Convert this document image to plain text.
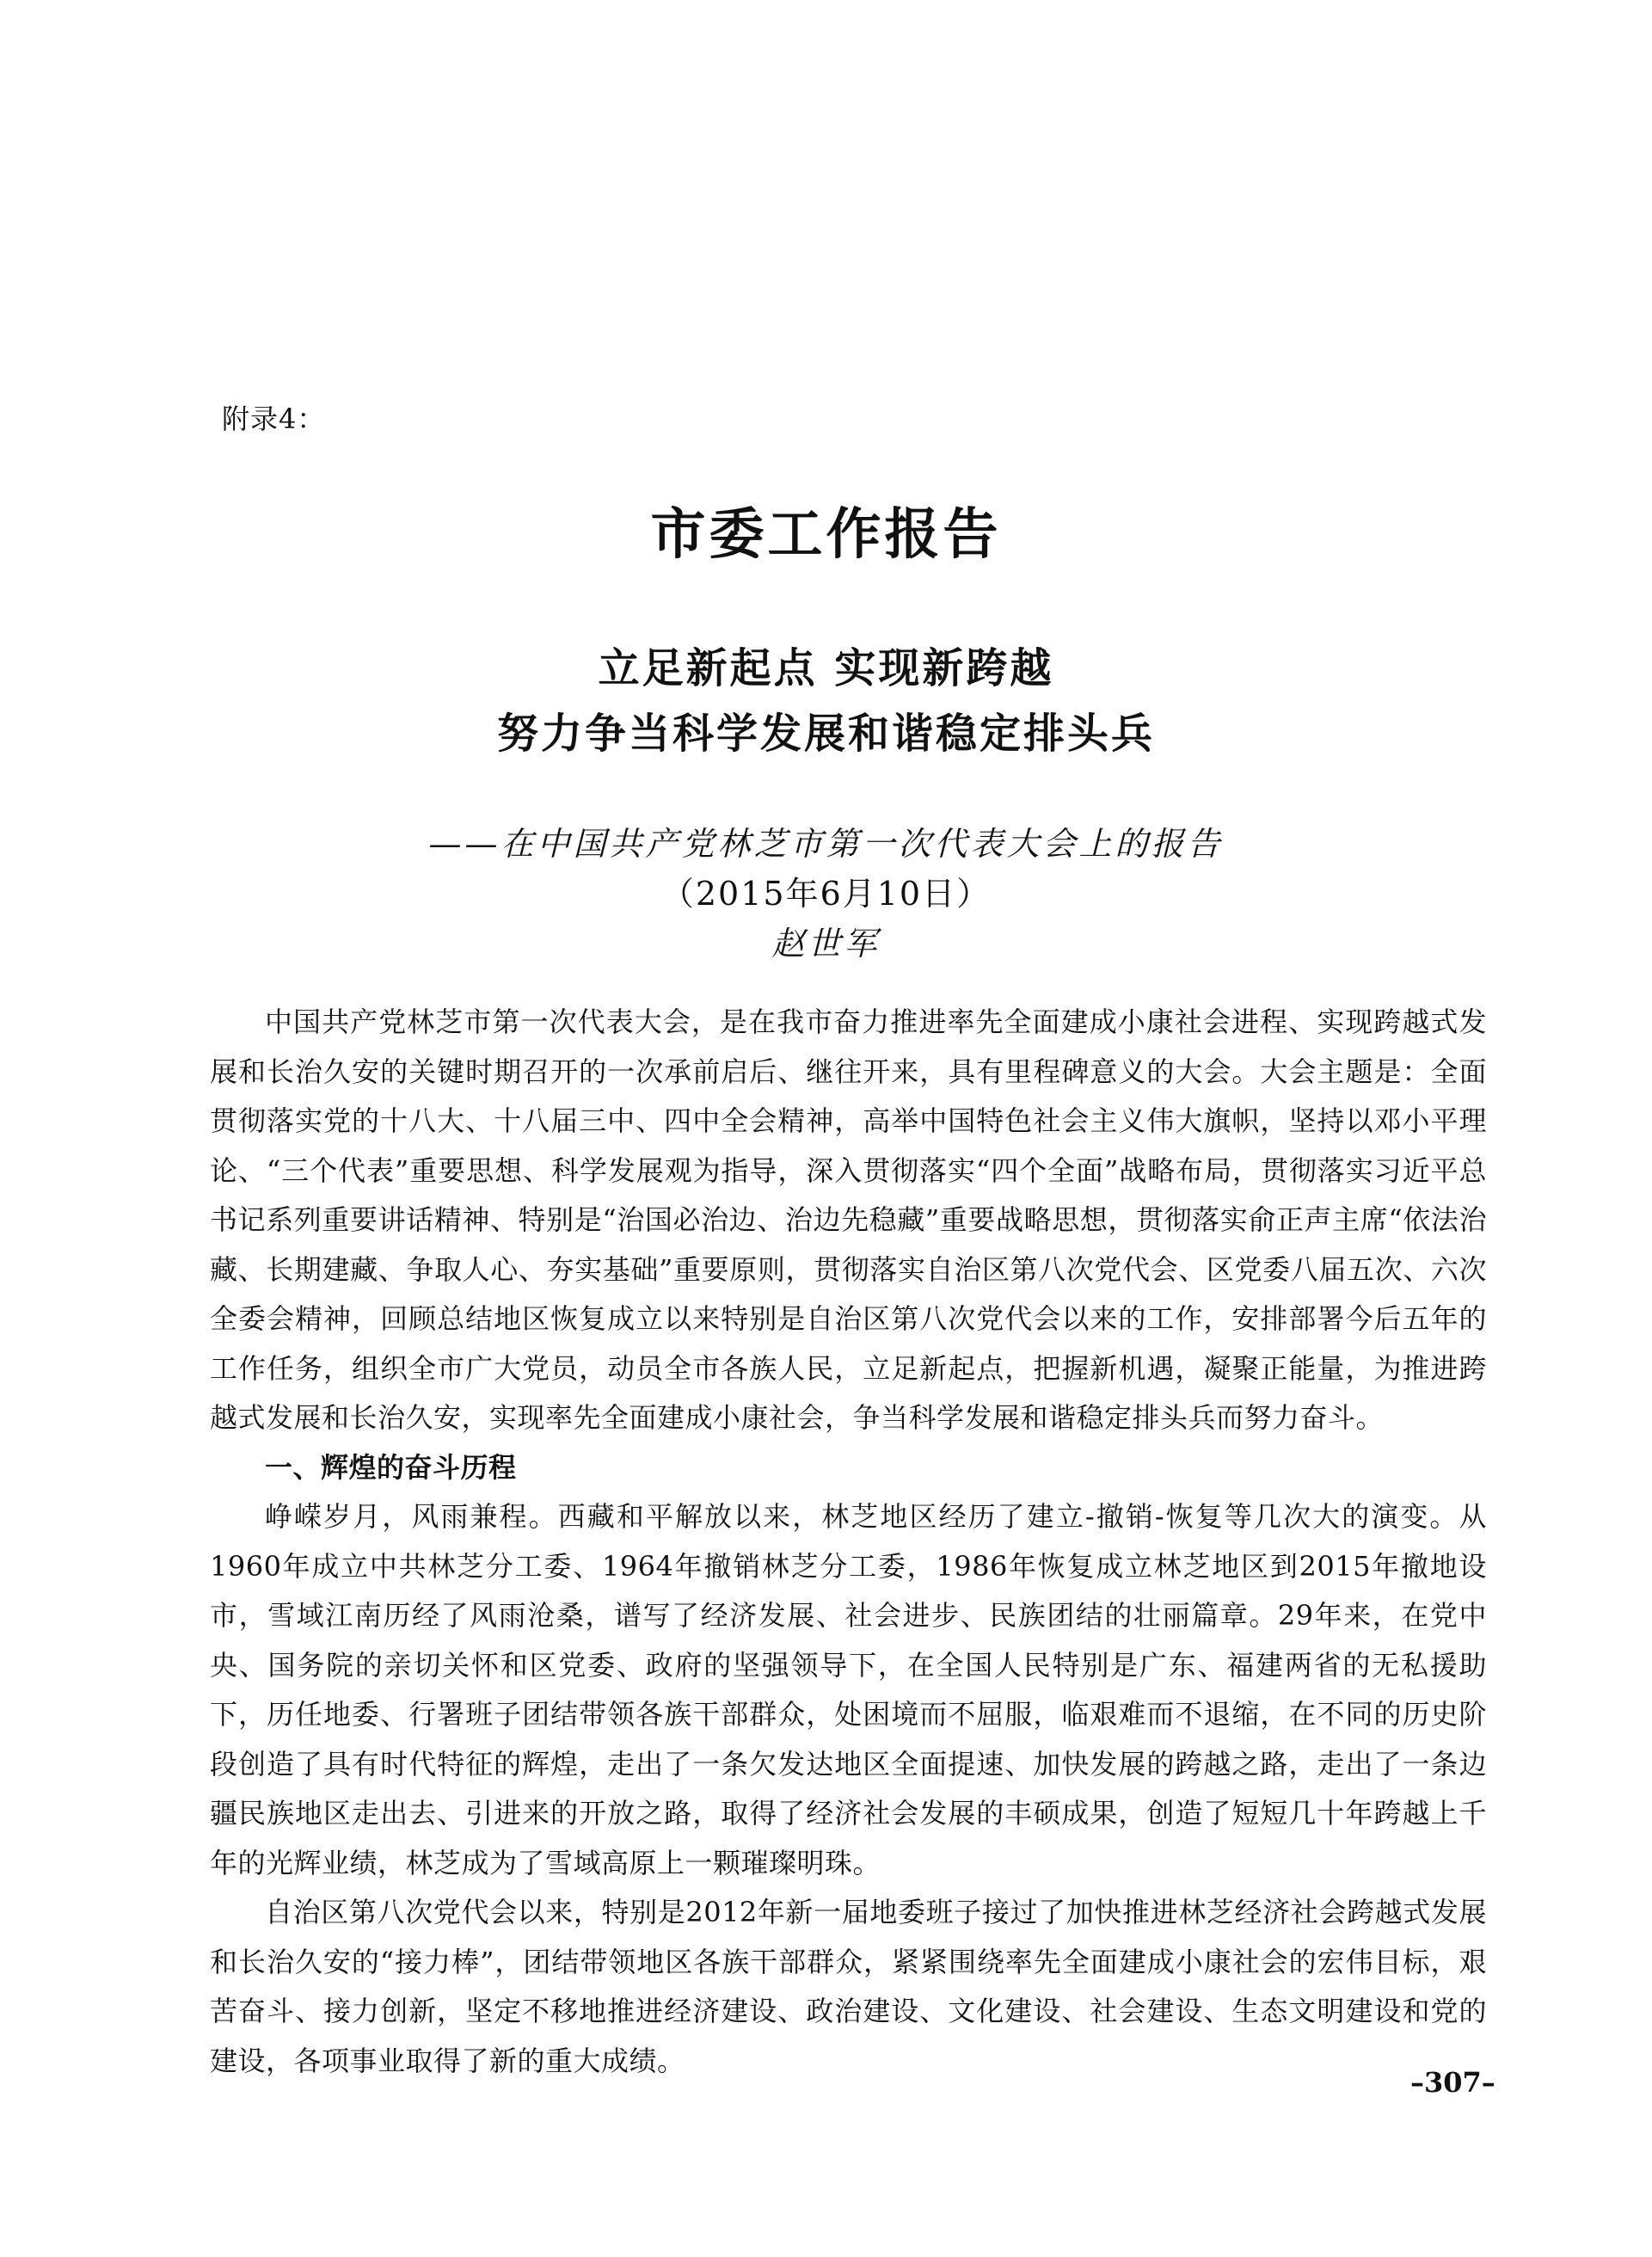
附录4：
市委工作报告
立足新起点 实现新跨越
努力争当科学发展和谐稳定排头兵
——在中国共产党林芝市第一次代表大会上的报告
（2015年6月10日）
赵世军

中国共产党林芝市第一次代表大会，是在我市奋力推进率先全面建成小康社会进程、实现跨越式发展和长治久安的关键时期召开的一次承前启后、继往开来，具有里程碑意义的大会。大会主题是：全面贯彻落实党的十八大、十八届三中、四中全会精神，高举中国特色社会主义伟大旗帜，坚持以邓小平理论、“三个代表”重要思想、科学发展观为指导，深入贯彻落实“四个全面”战略布局，贯彻落实习近平总书记系列重要讲话精神、特别是“治国必治边、治边先稳藏”重要战略思想，贯彻落实俞正声主席“依法治藏、长期建藏、争取人心、夯实基础”重要原则，贯彻落实自治区第八次党代会、区党委八届五次、六次全委会精神，回顾总结地区恢复成立以来特别是自治区第八次党代会以来的工作，安排部署今后五年的工作任务，组织全市广大党员，动员全市各族人民，立足新起点，把握新机遇，凝聚正能量，为推进跨越式发展和长治久安，实现率先全面建成小康社会，争当科学发展和谐稳定排头兵而努力奋斗。

一、辉煌的奋斗历程

峥嵘岁月，风雨兼程。西藏和平解放以来，林芝地区经历了建立-撤销-恢复等几次大的演变。从1960年成立中共林芝分工委、1964年撤销林芝分工委，1986年恢复成立林芝地区到2015年撤地设市，雪域江南历经了风雨沧桑，谱写了经济发展、社会进步、民族团结的壮丽篇章。29年来，在党中央、国务院的亲切关怀和区党委、政府的坚强领导下，在全国人民特别是广东、福建两省的无私援助下，历任地委、行署班子团结带领各族干部群众，处困境而不屈服，临艰难而不退缩，在不同的历史阶段创造了具有时代特征的辉煌，走出了一条欠发达地区全面提速、加快发展的跨越之路，走出了一条边疆民族地区走出去、引进来的开放之路，取得了经济社会发展的丰硕成果，创造了短短几十年跨越上千年的光辉业绩，林芝成为了雪域高原上一颗璀璨明珠。

自治区第八次党代会以来，特别是2012年新一届地委班子接过了加快推进林芝经济社会跨越式发展和长治久安的“接力棒”，团结带领地区各族干部群众，紧紧围绕率先全面建成小康社会的宏伟目标，艰苦奋斗、接力创新，坚定不移地推进经济建设、政治建设、文化建设、社会建设、生态文明建设和党的建设，各项事业取得了新的重大成绩。

–307–
